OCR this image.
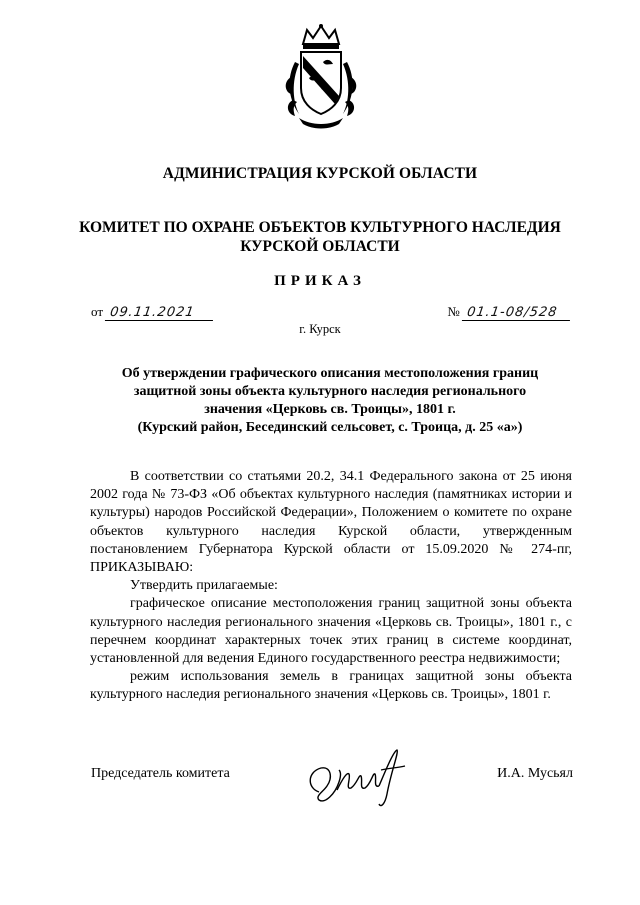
АДМИНИСТРАЦИЯ КУРСКОЙ ОБЛАСТИ
КОМИТЕТ ПО ОХРАНЕ ОБЪЕКТОВ КУЛЬТУРНОГО НАСЛЕДИЯ
КУРСКОЙ ОБЛАСТИ
ПРИКАЗ
от 09.11.2021	№ 01.1-08/528
г. Курск
Об утверждении графического описания местоположения границ
защитной зоны объекта культурного наследия регионального
значения «Церковь св. Троицы», 1801 г.
(Курский район, Бесединский сельсовет, с. Троица, д. 25 «а»)

В соответствии со статьями 20.2, 34.1 Федерального закона от 25 июня 2002 года № 73-ФЗ «Об объектах культурного наследия (памятниках истории и культуры) народов Российской Федерации», Положением о комитете по охране объектов культурного наследия Курской области, утвержденным постановлением Губернатора Курской области от 15.09.2020 № 274-пг, ПРИКАЗЫВАЮ:

Утвердить прилагаемые:

графическое описание местоположения границ защитной зоны объекта культурного наследия регионального значения «Церковь св. Троицы», 1801 г., с перечнем координат характерных точек этих границ в системе координат, установленной для ведения Единого государственного реестра недвижимости;

режим использования земель в границах защитной зоны объекта культурного наследия регионального значения «Церковь св. Троицы», 1801 г.

Председатель комитета	И.А. Мусьял
